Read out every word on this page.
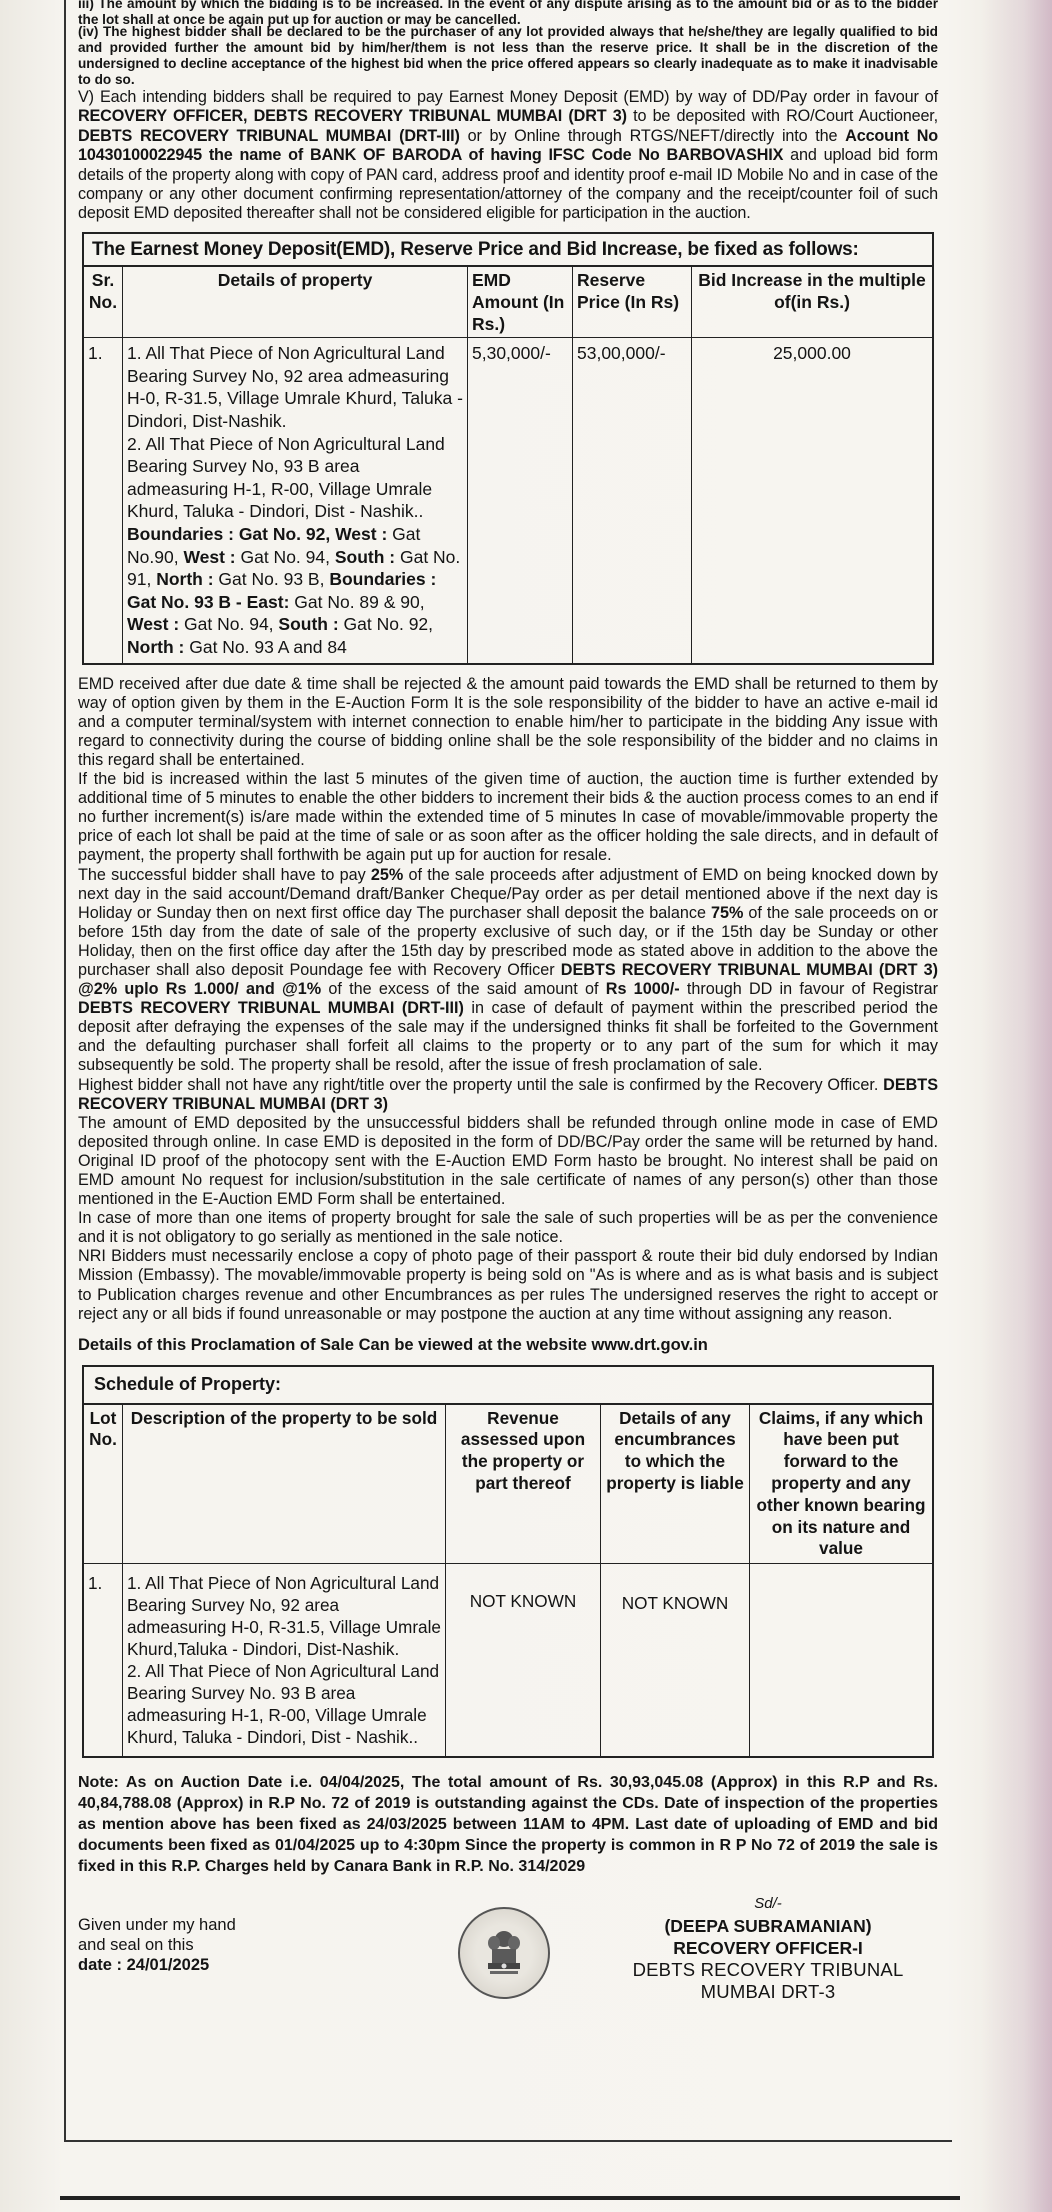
iii) The amount by which the bidding is to be increased. In the event of any dispute arising as to the amount bid or as to the bidder the lot shall at once be again put up for auction or may be cancelled.

(iv) The highest bidder shall be declared to be the purchaser of any lot provided always that he/she/they are legally qualified to bid and provided further the amount bid by him/her/them is not less than the reserve price. It shall be in the discretion of the undersigned to decline acceptance of the highest bid when the price offered appears so clearly inadequate as to make it inadvisable to do so.

V) Each intending bidders shall be required to pay Earnest Money Deposit (EMD) by way of DD/Pay order in favour of RECOVERY OFFICER, DEBTS RECOVERY TRIBUNAL MUMBAI (DRT 3) to be deposited with RO/Court Auctioneer, DEBTS RECOVERY TRIBUNAL MUMBAI (DRT-III) or by Online through RTGS/NEFT/directly into the Account No 10430100022945 the name of BANK OF BARODA of having IFSC Code No BARBOVASHIX and upload bid form details of the property along with copy of PAN card, address proof and identity proof e-mail ID Mobile No and in case of the company or any other document confirming representation/attorney of the company and the receipt/counter foil of such deposit EMD deposited thereafter shall not be considered eligible for participation in the auction.

The Earnest Money Deposit(EMD), Reserve Price and Bid Increase, be fixed as follows:
Sr. No.	Details of property	EMD Amount (In Rs.)	Reserve Price (In Rs)	Bid Increase in the multiple of(in Rs.)
1.	1. All That Piece of Non Agricultural Land Bearing Survey No, 92 area admeasuring H-0, R-31.5, Village Umrale Khurd, Taluka - Dindori, Dist-Nashik.
2. All That Piece of Non Agricultural Land Bearing Survey No, 93 B area admeasuring H-1, R-00, Village Umrale Khurd, Taluka - Dindori, Dist - Nashik..
Boundaries : Gat No. 92, West : Gat No.90, West : Gat No. 94, South : Gat No. 91, North : Gat No. 93 B, Boundaries : Gat No. 93 B - East: Gat No. 89 & 90, West : Gat No. 94, South : Gat No. 92, North : Gat No. 93 A and 84	5,30,000/-	53,00,000/-	25,000.00

EMD received after due date & time shall be rejected & the amount paid towards the EMD shall be returned to them by way of option given by them in the E-Auction Form It is the sole responsibility of the bidder to have an active e-mail id and a computer terminal/system with internet connection to enable him/her to participate in the bidding Any issue with regard to connectivity during the course of bidding online shall be the sole responsibility of the bidder and no claims in this regard shall be entertained.

If the bid is increased within the last 5 minutes of the given time of auction, the auction time is further extended by additional time of 5 minutes to enable the other bidders to increment their bids & the auction process comes to an end if no further increment(s) is/are made within the extended time of 5 minutes In case of movable/immovable property the price of each lot shall be paid at the time of sale or as soon after as the officer holding the sale directs, and in default of payment, the property shall forthwith be again put up for auction for resale.

The successful bidder shall have to pay 25% of the sale proceeds after adjustment of EMD on being knocked down by next day in the said account/Demand draft/Banker Cheque/Pay order as per detail mentioned above if the next day is Holiday or Sunday then on next first office day The purchaser shall deposit the balance 75% of the sale proceeds on or before 15th day from the date of sale of the property exclusive of such day, or if the 15th day be Sunday or other Holiday, then on the first office day after the 15th day by prescribed mode as stated above in addition to the above the purchaser shall also deposit Poundage fee with Recovery Officer DEBTS RECOVERY TRIBUNAL MUMBAI (DRT 3) @2% uplo Rs 1.000/ and @1% of the excess of the said amount of Rs 1000/- through DD in favour of Registrar DEBTS RECOVERY TRIBUNAL MUMBAI (DRT-III) in case of default of payment within the prescribed period the deposit after defraying the expenses of the sale may if the undersigned thinks fit shall be forfeited to the Government and the defaulting purchaser shall forfeit all claims to the property or to any part of the sum for which it may subsequently be sold. The property shall be resold, after the issue of fresh proclamation of sale.

Highest bidder shall not have any right/title over the property until the sale is confirmed by the Recovery Officer. DEBTS RECOVERY TRIBUNAL MUMBAI (DRT 3)

The amount of EMD deposited by the unsuccessful bidders shall be refunded through online mode in case of EMD deposited through online. In case EMD is deposited in the form of DD/BC/Pay order the same will be returned by hand. Original ID proof of the photocopy sent with the E-Auction EMD Form hasto be brought. No interest shall be paid on EMD amount No request for inclusion/substitution in the sale certificate of names of any person(s) other than those mentioned in the E-Auction EMD Form shall be entertained.

In case of more than one items of property brought for sale the sale of such properties will be as per the convenience and it is not obligatory to go serially as mentioned in the sale notice.

NRI Bidders must necessarily enclose a copy of photo page of their passport & route their bid duly endorsed by Indian Mission (Embassy). The movable/immovable property is being sold on "As is where and as is what basis and is subject to Publication charges revenue and other Encumbrances as per rules The undersigned reserves the right to accept or reject any or all bids if found unreasonable or may postpone the auction at any time without assigning any reason.

Details of this Proclamation of Sale Can be viewed at the website www.drt.gov.in
Schedule of Property:
Lot No.	Description of the property to be sold	Revenue assessed upon the property or part thereof	Details of any encumbrances to which the property is liable	Claims, if any which have been put forward to the property and any other known bearing on its nature and value
1.	1. All That Piece of Non Agricultural Land Bearing Survey No, 92 area admeasuring H-0, R-31.5, Village Umrale Khurd,Taluka - Dindori, Dist-Nashik.
2. All That Piece of Non Agricultural Land Bearing Survey No. 93 B area admeasuring H-1, R-00, Village Umrale Khurd, Taluka - Dindori, Dist - Nashik..	NOT KNOWN	NOT KNOWN	

Note: As on Auction Date i.e. 04/04/2025, The total amount of Rs. 30,93,045.08 (Approx) in this R.P and Rs. 40,84,788.08 (Approx) in R.P No. 72 of 2019 is outstanding against the CDs. Date of inspection of the properties as mention above has been fixed as 24/03/2025 between 11AM to 4PM. Last date of uploading of EMD and bid documents been fixed as 01/04/2025 up to 4:30pm Since the property is common in R P No 72 of 2019 the sale is fixed in this R.P. Charges held by Canara Bank in R.P. No. 314/2029

Given under my hand
and seal on this
date : 24/01/2025
Sd/-
(DEEPA SUBRAMANIAN)
RECOVERY OFFICER-I
DEBTS RECOVERY TRIBUNAL MUMBAI DRT-3
